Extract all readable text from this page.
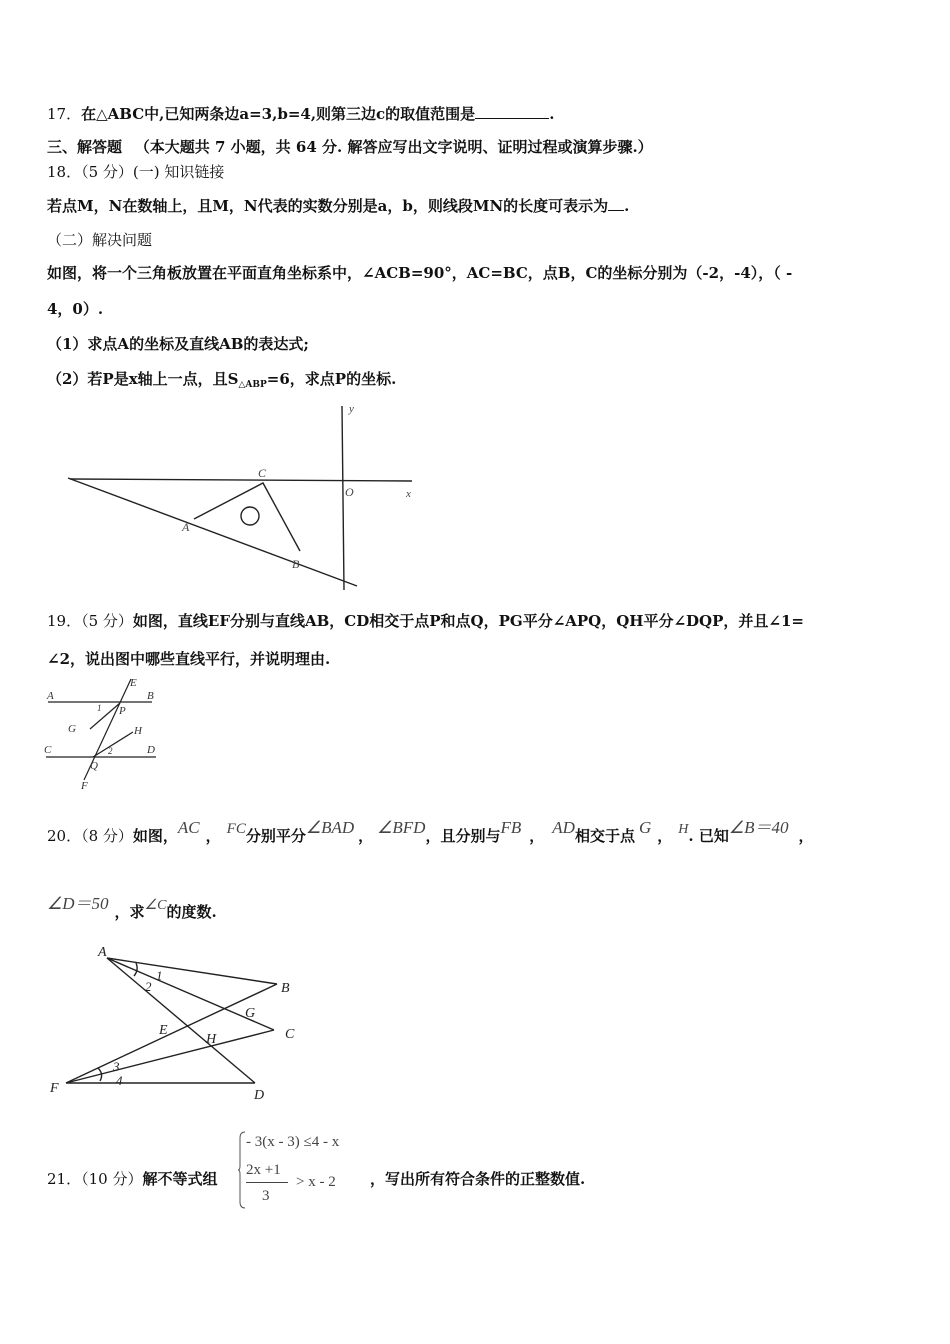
17．在△ABC中,已知两条边a=3,b=4,则第三边c的取值范围是	.
三、解答题 （本大题共 7 小题，共 64 分. 解答应写出文字说明、证明过程或演算步骤.）
18．（5 分）(一) 知识链接
若点M，N在数轴上，且M，N代表的实数分别是a，b，则线段MN的长度可表示为 .
（二）解决问题
如图，将一个三角板放置在平面直角坐标系中，∠ACB=90°，AC=BC，点B，C的坐标分别为（-2，-4），（ -
4，0）.
（1）求点A的坐标及直线AB的表达式;
（2）若P是x轴上一点，且$S_{\triangle ABP}=6$，求点P的坐标.
y
x
O
C
A
B
19．（5 分）如图，直线EF分别与直线AB，CD相交于点P和点Q，PG平分∠APQ，QH平分∠DQP，并且∠1=
∠2，说出图中哪些直线平行，并说明理由.
A	B
C	D
E
F
G	H
P
Q
1
2
20．（8 分）如图，AC ， FC分别平分∠BAD ， ∠BFD，且分别与FB ， AD相交于点 G ， H. 已知∠B＝40 ，
∠D＝50 ，求∠C的度数.
A
B
C
D
E
F
G
H
1
2
3
4
21．（10 分）解不等式组
- 3(x - 3) ≤4 - x
2x +1
3
> x - 2 ，写出所有符合条件的正整数值.
